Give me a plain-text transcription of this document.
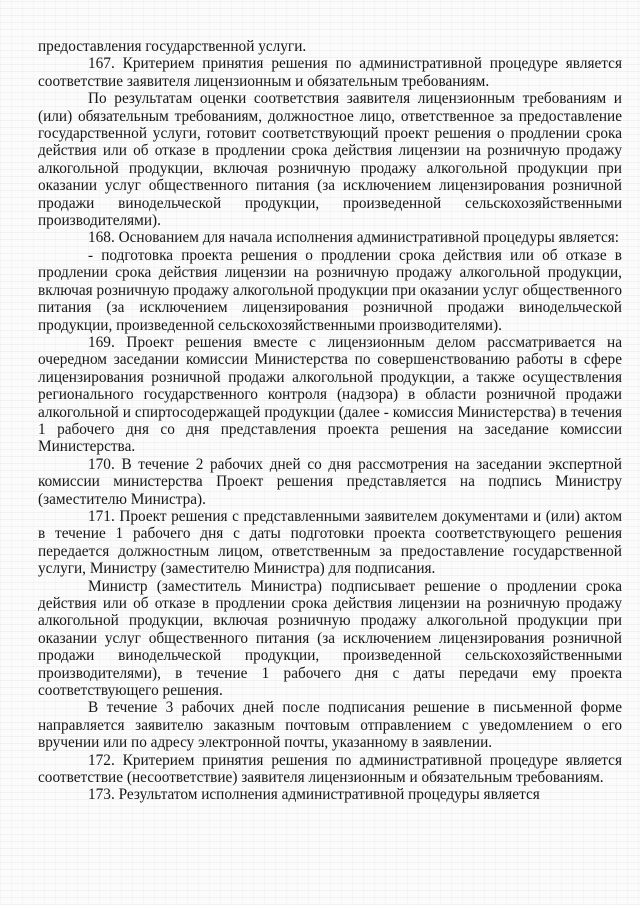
предоставления государственной услуги.

167. Критерием принятия решения по административной процедуре является соответствие заявителя лицензионным и обязательным требованиям.

По результатам оценки соответствия заявителя лицензионным требованиям и (или) обязательным требованиям, должностное лицо, ответственное за предоставление государственной услуги, готовит соответствующий проект решения о продлении срока действия или об отказе в продлении срока действия лицензии на розничную продажу алкогольной продукции, включая розничную продажу алкогольной продукции при оказании услуг общественного питания (за исключением лицензирования розничной продажи винодельческой продукции, произведенной сельскохозяйственными производителями).

168. Основанием для начала исполнения административной процедуры является:

- подготовка проекта решения о продлении срока действия или об отказе в продлении срока действия лицензии на розничную продажу алкогольной продукции, включая розничную продажу алкогольной продукции при оказании услуг общественного питания (за исключением лицензирования розничной продажи винодельческой продукции, произведенной сельскохозяйственными производителями).

169. Проект решения вместе с лицензионным делом рассматривается на очередном заседании комиссии Министерства по совершенствованию работы в сфере лицензирования розничной продажи алкогольной продукции, а также осуществления регионального государственного контроля (надзора) в области розничной продажи алкогольной и спиртосодержащей продукции (далее - комиссия Министерства) в течения 1 рабочего дня со дня представления проекта решения на заседание комиссии Министерства.

170. В течение 2 рабочих дней со дня рассмотрения на заседании экспертной комиссии министерства Проект решения представляется на подпись Министру (заместителю Министра).

171. Проект решения с представленными заявителем документами и (или) актом в течение 1 рабочего дня с даты подготовки проекта соответствующего решения передается должностным лицом, ответственным за предоставление государственной услуги, Министру (заместителю Министра) для подписания.

Министр (заместитель Министра) подписывает решение о продлении срока действия или об отказе в продлении срока действия лицензии на розничную продажу алкогольной продукции, включая розничную продажу алкогольной продукции при оказании услуг общественного питания (за исключением лицензирования розничной продажи винодельческой продукции, произведенной сельскохозяйственными производителями), в течение 1 рабочего дня с даты передачи ему проекта соответствующего решения.

В течение 3 рабочих дней после подписания решение в письменной форме направляется заявителю заказным почтовым отправлением с уведомлением о его вручении или по адресу электронной почты, указанному в заявлении.

172. Критерием принятия решения по административной процедуре является соответствие (несоответствие) заявителя лицензионным и обязательным требованиям.

173. Результатом исполнения административной процедуры является
